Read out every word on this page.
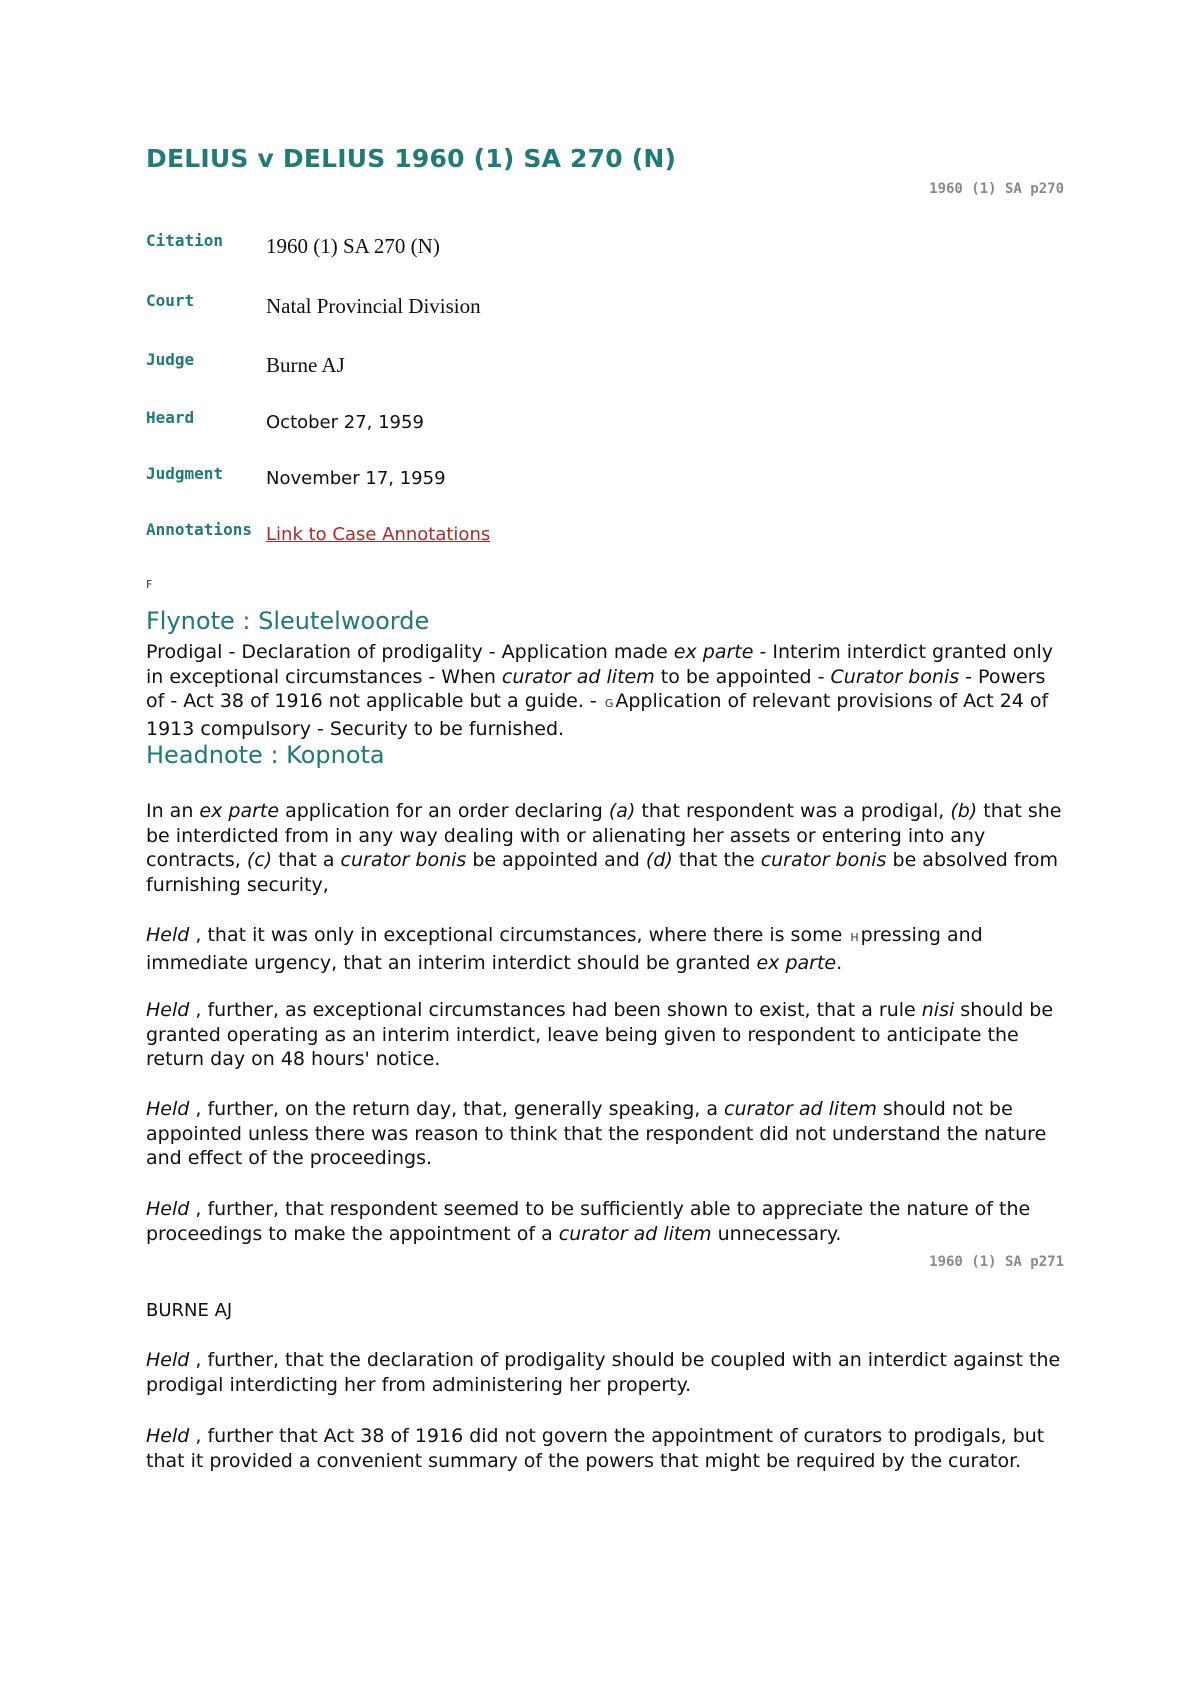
DELIUS v DELIUS 1960 (1) SA 270 (N)
1960 (1) SA p270
Citation 1960 (1) SA 270 (N)
Court	Natal Provincial Division
Judge	Burne AJ
Heard	October 27, 1959
Judgment November 17, 1959
Annotations Link to Case Annotations
F
Flynote : Sleutelwoorde

Prodigal - Declaration of prodigality - Application made ex parte - Interim interdict granted only in exceptional circumstances - When curator ad litem to be appointed - Curator bonis - Powers of - Act 38 of 1916 not applicable but a guide. - G Application of relevant provisions of Act 24 of 1913 compulsory - Security to be furnished.

Headnote : Kopnota

In an ex parte application for an order declaring (a) that respondent was a prodigal, (b) that she be interdicted from in any way dealing with or alienating her assets or entering into any contracts, (c) that a curator bonis be appointed and (d) that the curator bonis be absolved from furnishing security,

Held , that it was only in exceptional circumstances, where there is some H pressing and immediate urgency, that an interim interdict should be granted ex parte.

Held , further, as exceptional circumstances had been shown to exist, that a rule nisi should be granted operating as an interim interdict, leave being given to respondent to anticipate the return day on 48 hours' notice.

Held , further, on the return day, that, generally speaking, a curator ad litem should not be appointed unless there was reason to think that the respondent did not understand the nature and effect of the proceedings.

Held , further, that respondent seemed to be sufficiently able to appreciate the nature of the proceedings to make the appointment of a curator ad litem unnecessary.

1960 (1) SA p271

BURNE AJ

Held , further, that the declaration of prodigality should be coupled with an interdict against the prodigal interdicting her from administering her property.

Held , further that Act 38 of 1916 did not govern the appointment of curators to prodigals, but that it provided a convenient summary of the powers that might be required by the curator.
